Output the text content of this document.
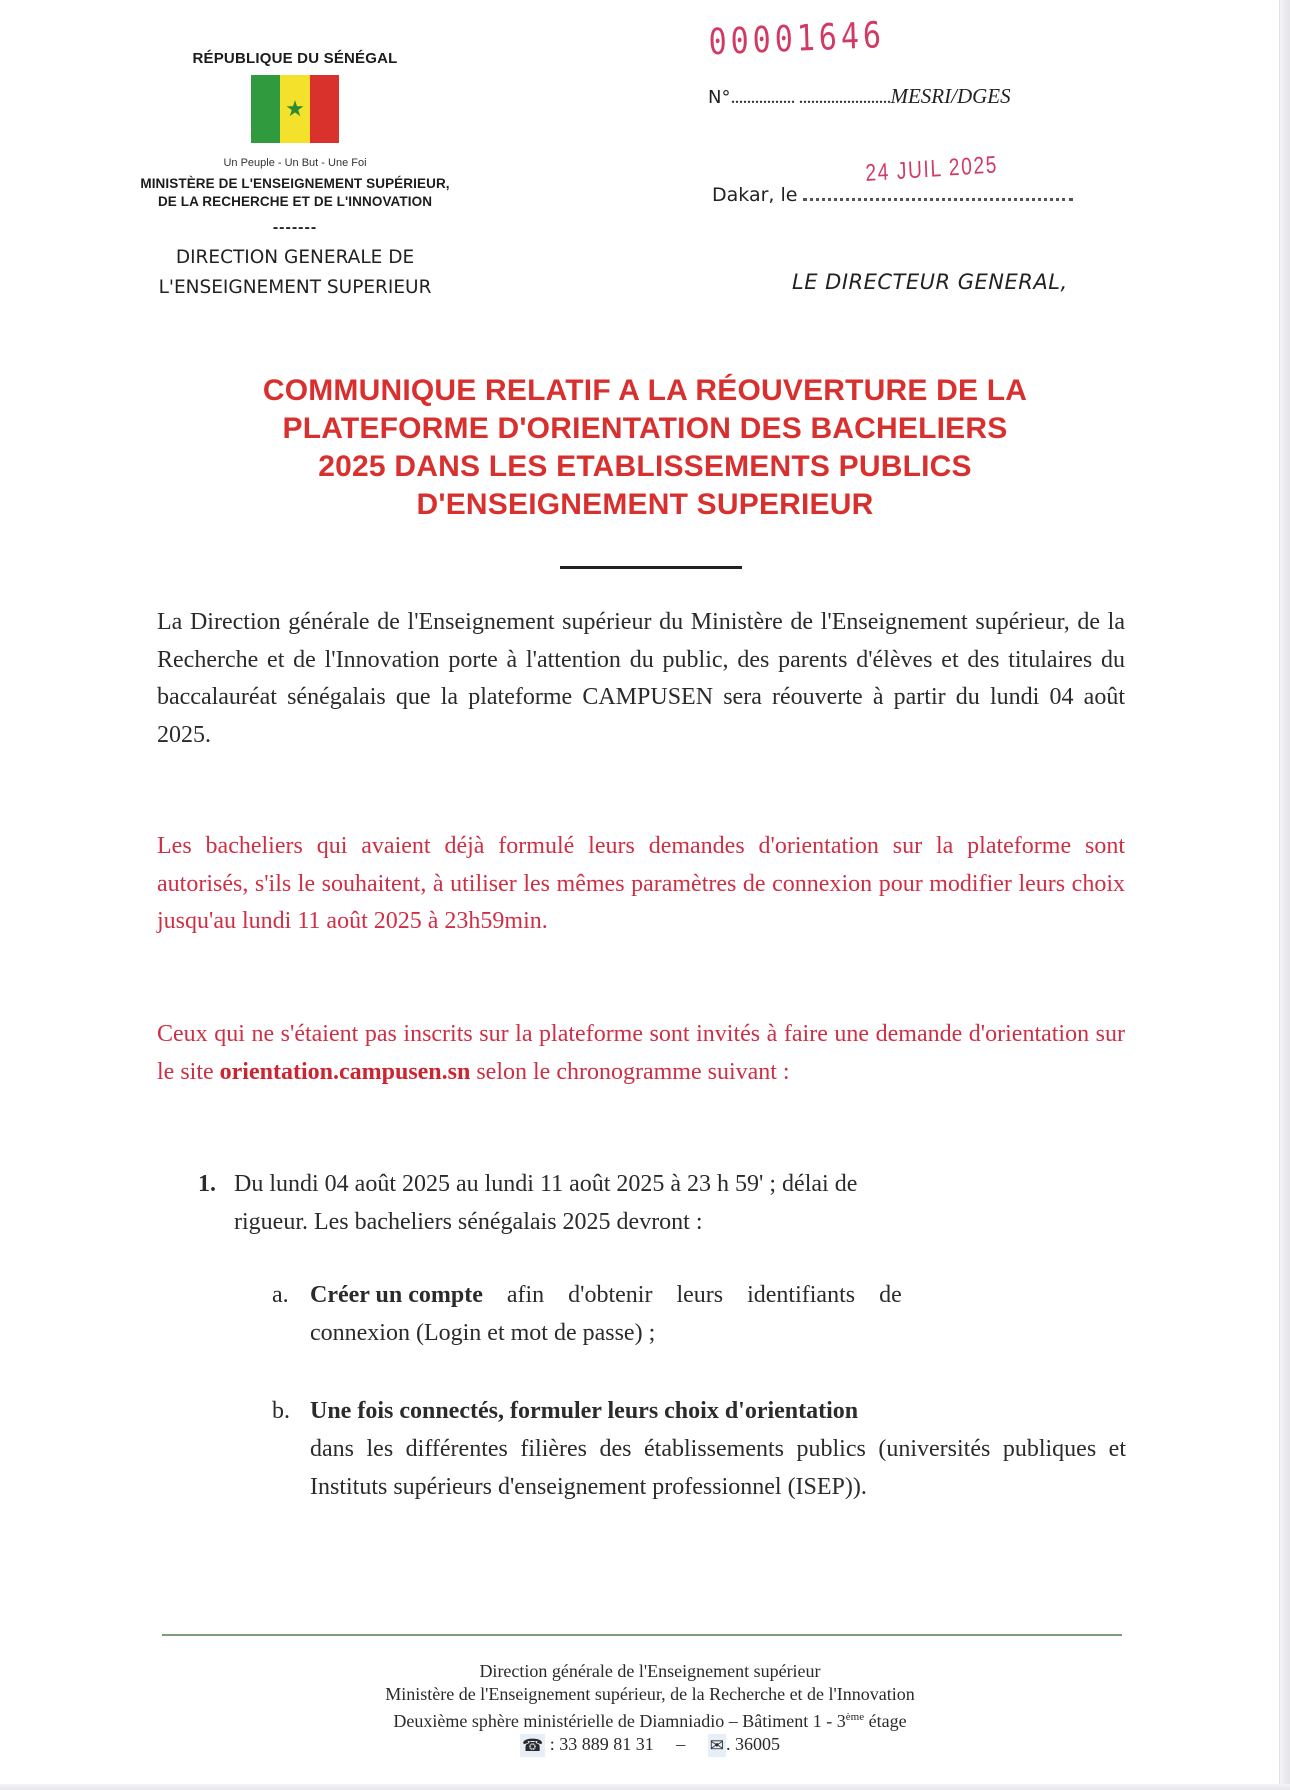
RÉPUBLIQUE DU SÉNÉGAL
★
Un Peuple - Un But - Une Foi
MINISTÈRE DE L'ENSEIGNEMENT SUPÉRIEUR,
DE LA RECHERCHE ET DE L'INNOVATION
-------
DIRECTION GENERALE DE
L'ENSEIGNEMENT SUPERIEUR
00001646
N°................ .......................MESRI/DGES
Dakar, le
24 JUIL 2025
LE DIRECTEUR GENERAL,
COMMUNIQUE RELATIF A LA RÉOUVERTURE DE LA
PLATEFORME D'ORIENTATION DES BACHELIERS
2025 DANS LES ETABLISSEMENTS PUBLICS
D'ENSEIGNEMENT SUPERIEUR
La Direction générale de l'Enseignement supérieur du Ministère de l'Enseignement supérieur, de la Recherche et de l'Innovation porte à l'attention du public, des parents d'élèves et des titulaires du baccalauréat sénégalais que la plateforme CAMPUSEN sera réouverte à partir du lundi 04 août 2025.
Les bacheliers qui avaient déjà formulé leurs demandes d'orientation sur la plateforme sont autorisés, s'ils le souhaitent, à utiliser les mêmes paramètres de connexion pour modifier leurs choix jusqu'au lundi 11 août 2025 à 23h59min.
Ceux qui ne s'étaient pas inscrits sur la plateforme sont invités à faire une demande d'orientation sur le site orientation.campusen.sn selon le chronogramme suivant :
1. Du lundi 04 août 2025 au lundi 11 août 2025 à 23 h 59' ; délai de
rigueur. Les bacheliers sénégalais 2025 devront :
a. Créer un compte afin d'obtenir leurs identifiants de
connexion (Login et mot de passe) ;
b. Une fois connectés, formuler leurs choix d'orientation
dans les différentes filières des établissements publics (universités publiques et Instituts supérieurs d'enseignement professionnel (ISEP)).
Direction générale de l'Enseignement supérieur
Ministère de l'Enseignement supérieur, de la Recherche et de l'Innovation
Deuxième sphère ministérielle de Diamniadio – Bâtiment 1 - 3ème étage
☎ : 33 889 81 31 – ✉ . 36005
